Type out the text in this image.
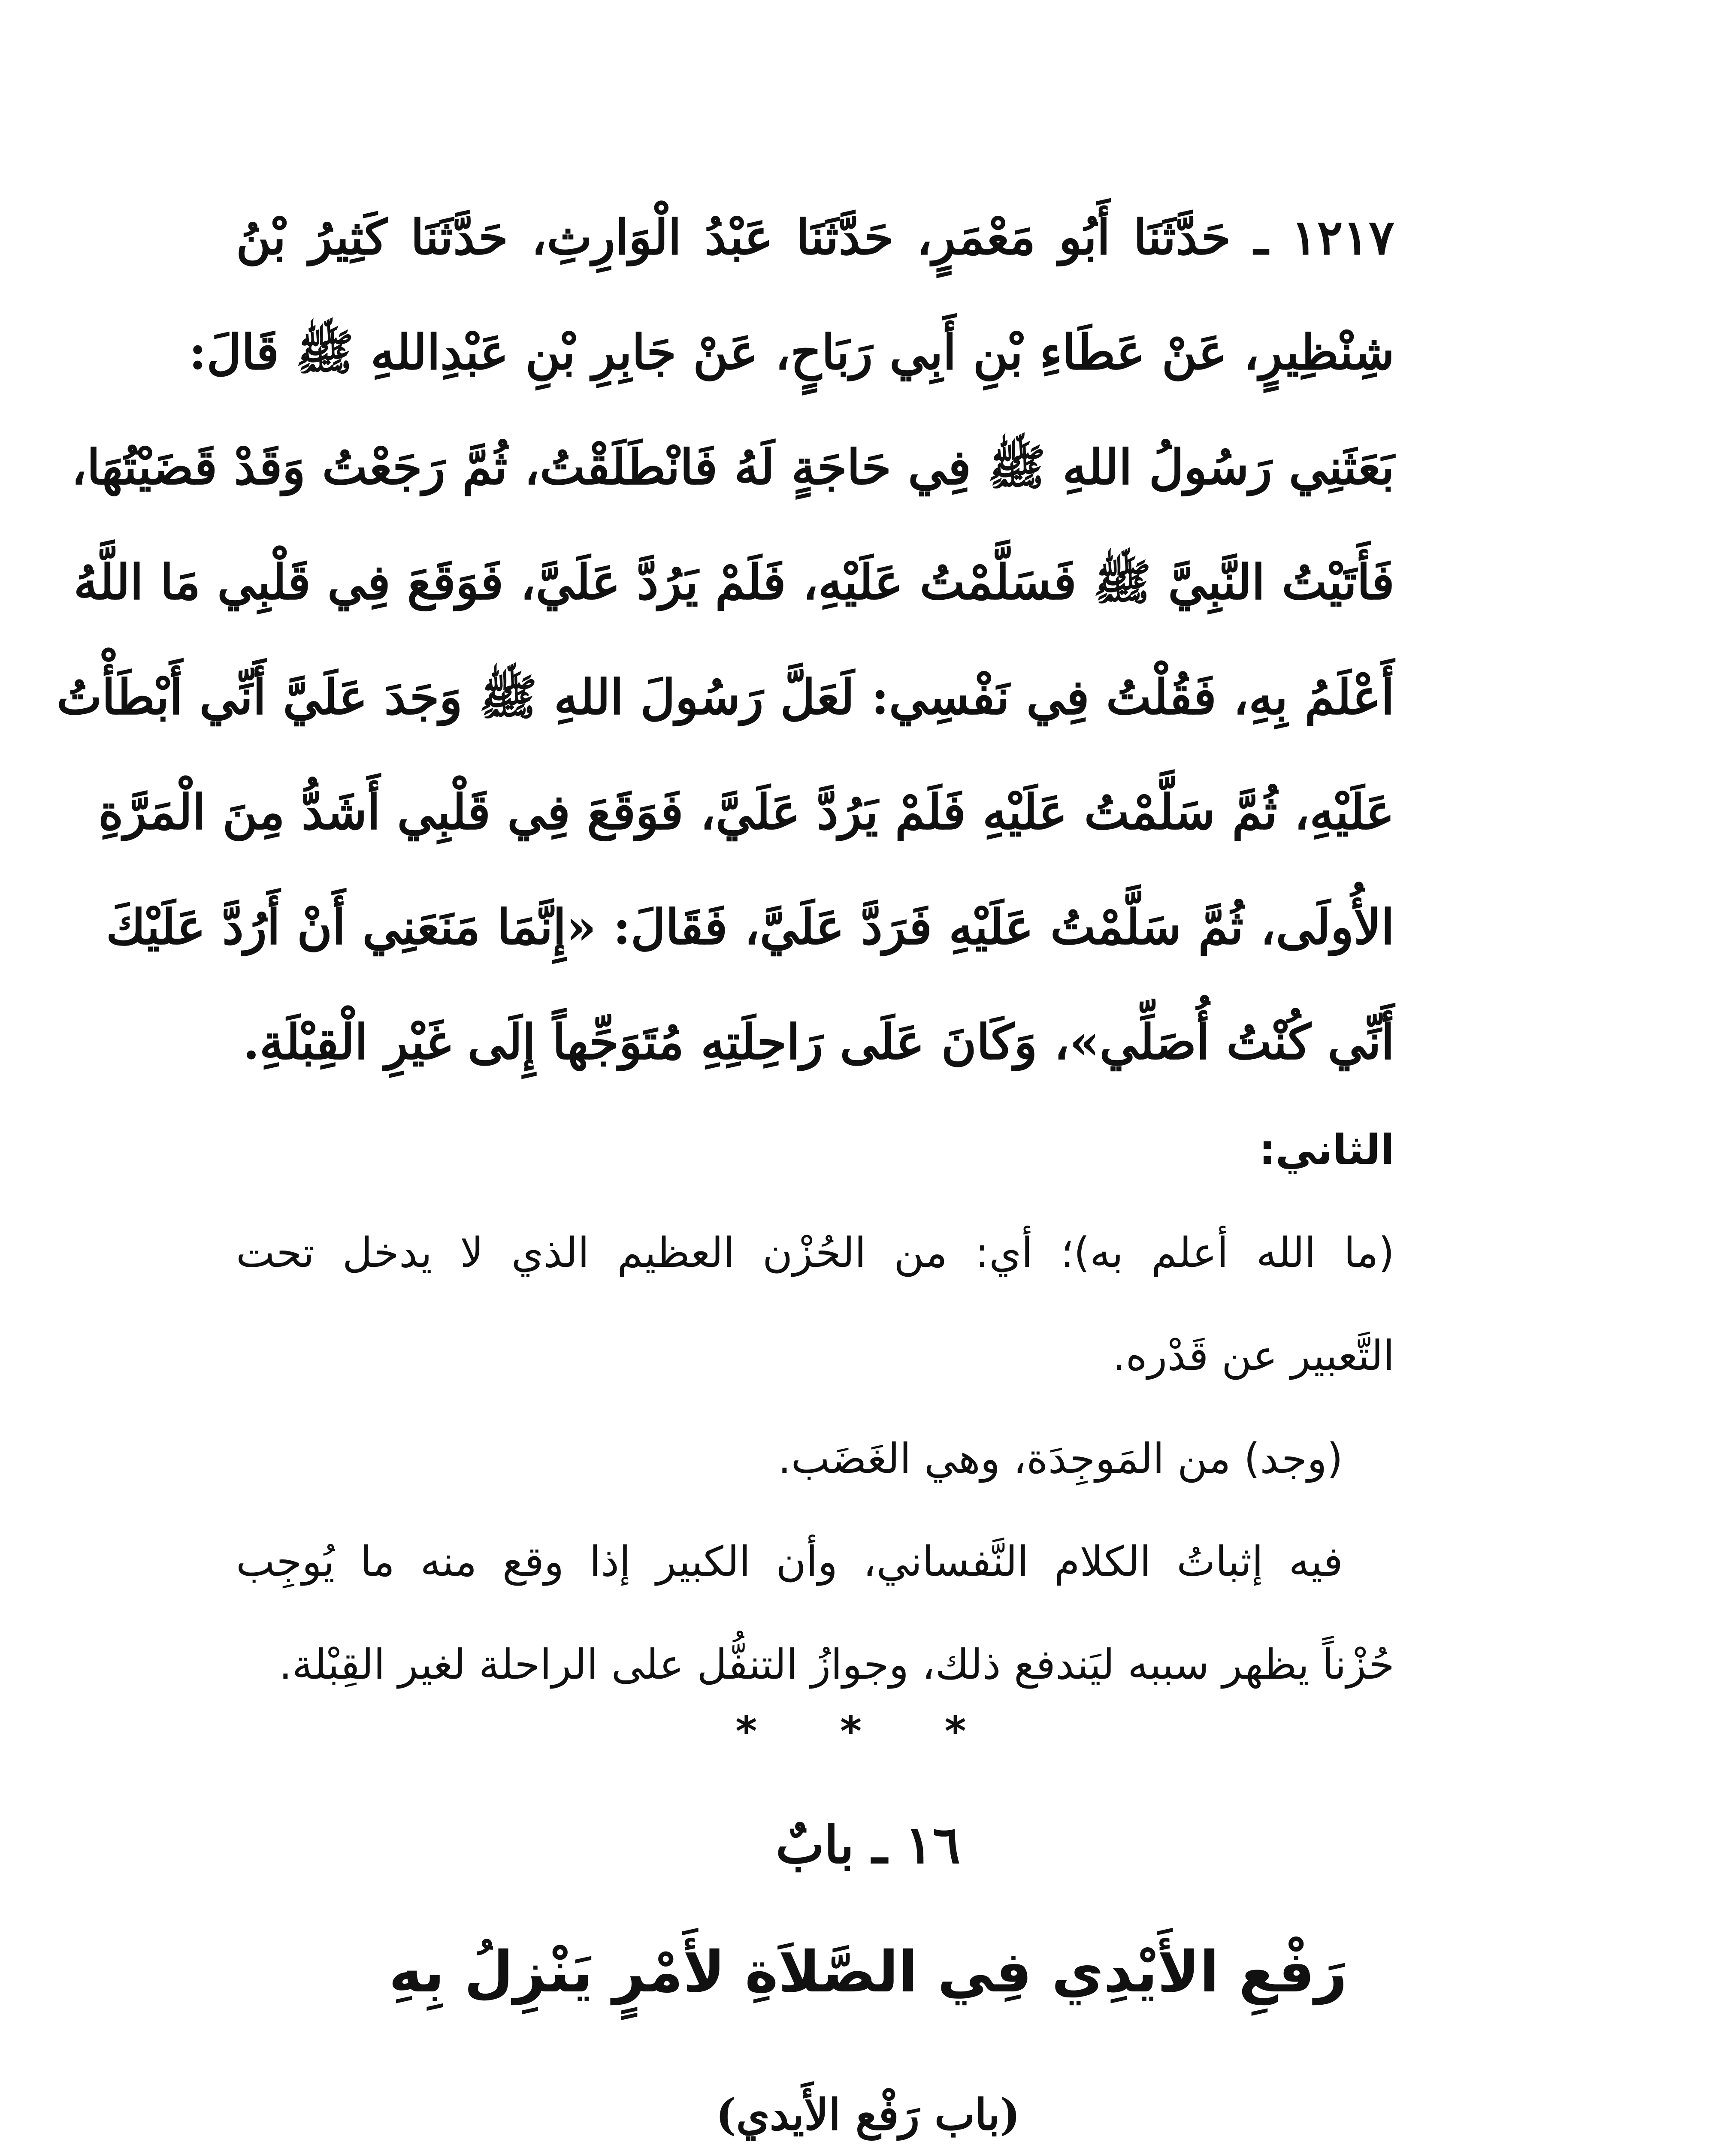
١٢١٧ ـ حَدَّثَنَا أَبُو مَعْمَرٍ، حَدَّثَنَا عَبْدُ الْوَارِثِ، حَدَّثَنَا كَثِيرُ بْنُ
شِنْظِيرٍ، عَنْ عَطَاءِ بْنِ أَبِي رَبَاحٍ، عَنْ جَابِرِ بْنِ عَبْدِاللهِ ﷺ قَالَ:
بَعَثَنِي رَسُولُ اللهِ ﷺ فِي حَاجَةٍ لَهُ فَانْطَلَقْتُ، ثُمَّ رَجَعْتُ وَقَدْ قَضَيْتُهَا،
فَأَتَيْتُ النَّبِيَّ ﷺ فَسَلَّمْتُ عَلَيْهِ، فَلَمْ يَرُدَّ عَلَيَّ، فَوَقَعَ فِي قَلْبِي مَا اللَّهُ
أَعْلَمُ بِهِ، فَقُلْتُ فِي نَفْسِي: لَعَلَّ رَسُولَ اللهِ ﷺ وَجَدَ عَلَيَّ أَنِّي أَبْطَأْتُ
عَلَيْهِ، ثُمَّ سَلَّمْتُ عَلَيْهِ فَلَمْ يَرُدَّ عَلَيَّ، فَوَقَعَ فِي قَلْبِي أَشَدُّ مِنَ الْمَرَّةِ
الأُولَى، ثُمَّ سَلَّمْتُ عَلَيْهِ فَرَدَّ عَلَيَّ، فَقَالَ: «إِنَّمَا مَنَعَنِي أَنْ أَرُدَّ عَلَيْكَ
أَنِّي كُنْتُ أُصَلِّي»، وَكَانَ عَلَى رَاحِلَتِهِ مُتَوَجِّهاً إِلَى غَيْرِ الْقِبْلَةِ.
الثاني:
(ما الله أعلم به)؛ أي: من الحُزْن العظيم الذي لا يدخل تحت
التَّعبير عن قَدْره.
(وجد) من المَوجِدَة، وهي الغَضَب.
فيه إثباتُ الكلام النَّفساني، وأن الكبير إذا وقع منه ما يُوجِب
حُزْناً يظهر سببه ليَندفع ذلك، وجوازُ التنفُّل على الراحلة لغير القِبْلة.
* * *
١٦ ـ بابٌ
رَفْعِ الأَيْدِي فِي الصَّلاَةِ لأَمْرٍ يَنْزِلُ بِهِ
(باب رَفْع الأَيدي)
